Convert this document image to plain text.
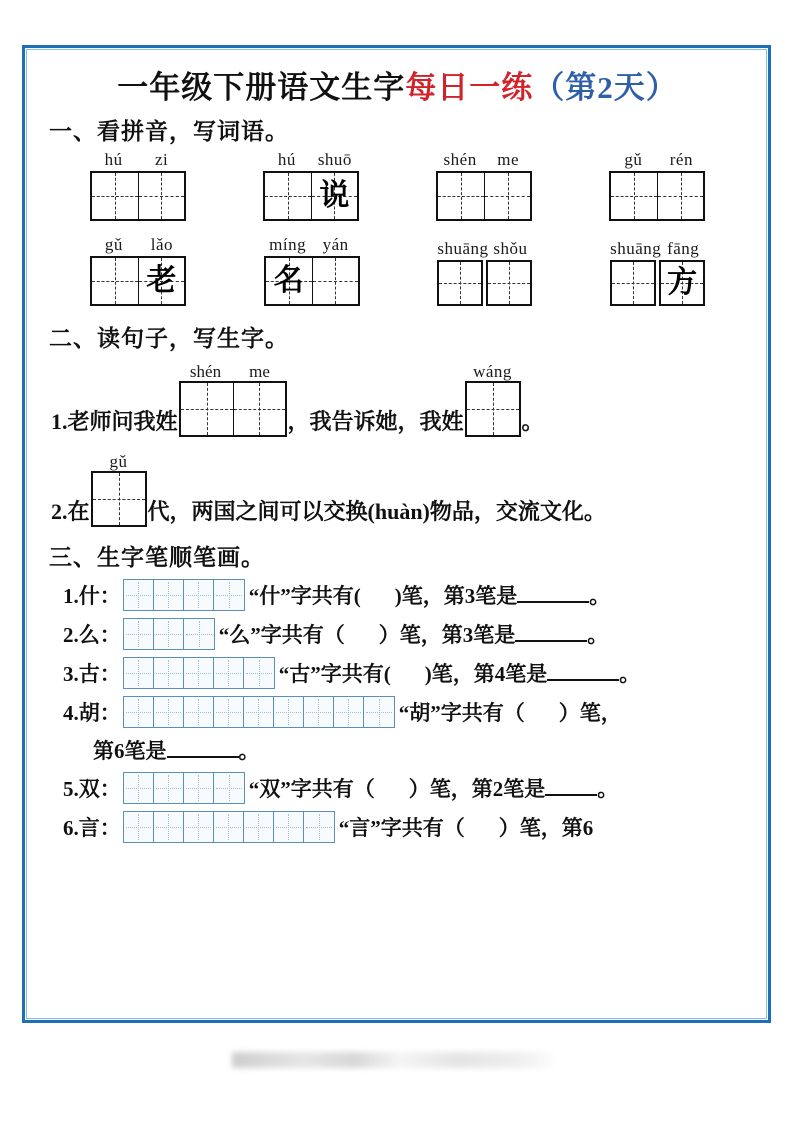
一年级下册语文生字每日一练（第2天）
一、看拼音，写词语。
hú	zi	hú	shuō
说
shén	me	gǔ	rén
gǔ	lǎo
老
míng yán
名
shuāng shǒu	shuāng fāng
方
二、读句子，写生字。
1.老师问我姓
shén	me
，我告诉她，我姓
wáng
。
2.在
gǔ
代，两国之间可以交换(huàn)物品，交流文化。
三、生字笔顺笔画。
1.什：	“什”字共有( )笔，第3笔是	。
2.么：	“么”字共有（ ）笔，第3笔是	。
3.古：	“古”字共有( )笔，第4笔是	。
4.胡：	“胡”字共有（ ）笔，
第6笔是	。
5.双：	“双”字共有（ ）笔，第2笔是 。
6.言：	“言”字共有（ ）笔，第6
